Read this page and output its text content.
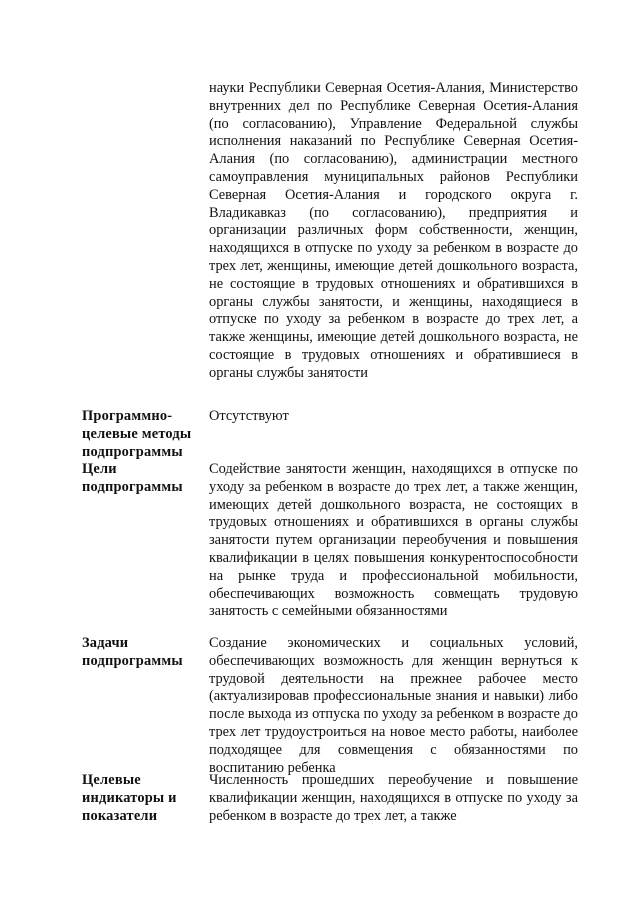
науки Республики Северная Осетия-Алания, Министерство внутренних дел по Республике Северная Осетия-Алания (по согласованию), Управление Федеральной службы исполнения наказаний по Республике Северная Осетия-Алания (по согласованию), администрации местного самоуправления муниципальных районов Республики Северная Осетия-Алания и городского округа г. Владикавказ (по согласованию), предприятия и организации различных форм собственности, женщин, находящихся в отпуске по уходу за ребенком в возрасте до трех лет, женщины, имеющие детей дошкольного возраста, не состоящие в трудовых отношениях и обратившихся в органы службы занятости, и женщины, находящиеся в отпуске по уходу за ребенком в возрасте до трех лет, а также женщины, имеющие детей дошкольного возраста, не состоящие в трудовых отношениях и обратившиеся в органы службы занятости
Программно-целевые методы подпрограммы
Отсутствуют
Цели подпрограммы
Содействие занятости женщин, находящихся в отпуске по уходу за ребенком в возрасте до трех лет, а также женщин, имеющих детей дошкольного возраста, не состоящих в трудовых отношениях и обратившихся в органы службы занятости путем организации переобучения и повышения квалификации в целях повышения конкурентоспособности на рынке труда и профессиональной мобильности, обеспечивающих возможность совмещать трудовую занятость с семейными обязанностями
Задачи подпрограммы
Создание экономических и социальных условий, обеспечивающих возможность для женщин вернуться к трудовой деятельности на прежнее рабочее место (актуализировав профессиональные знания и навыки) либо после выхода из отпуска по уходу за ребенком в возрасте до трех лет трудоустроиться на новое место работы, наиболее подходящее для совмещения с обязанностями по воспитанию ребенка
Целевые индикаторы и показатели
Численность прошедших переобучение и повышение квалификации женщин, находящихся в отпуске по уходу за ребенком в возрасте до трех лет, а также
